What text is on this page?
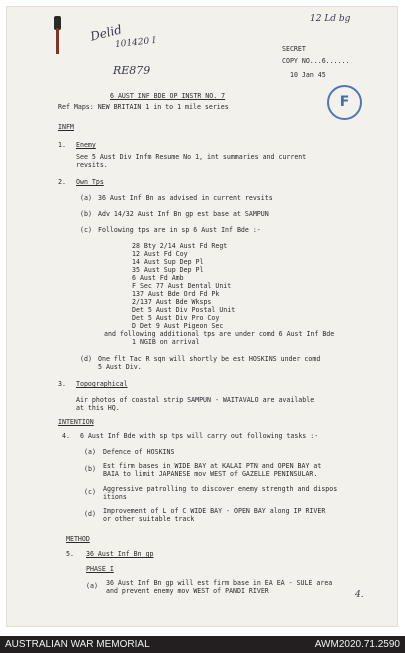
12 Ld bg
Delid
101420 I
RE879
4.
F
SECRET
COPY NO...6......
10 Jan 45
6 AUST INF BDE OP INSTR NO. 7
Ref Maps: NEW BRITAIN 1 in to 1 mile series
INFM
1. Enemy
See 5 Aust Div Infm Resume No 1, int summaries and current
revsits.
2. Own Tps
(a) 36 Aust Inf Bn as advised in current revsits
(b) Adv 14/32 Aust Inf Bn gp est base at SAMPUN
(c) Following tps are in sp 6 Aust Inf Bde :-
28 Bty 2/14 Aust Fd Regt
12 Aust Fd Coy
14 Aust Sup Dep Pl
35 Aust Sup Dep Pl
6 Aust Fd Amb
F Sec 77 Aust Dental Unit
137 Aust Bde Ord Fd Pk
2/137 Aust Bde Wksps
Det 5 Aust Div Postal Unit
Det 5 Aust Div Pro Coy
D Det 9 Aust Pigeon Sec
and following additional tps are under comd 6 Aust Inf Bde
1 NGIB on arrival
(d) One flt Tac R sqn will shortly be est HOSKINS under comd
5 Aust Div.
3. Topographical
Air photos of coastal strip SAMPUN - WAITAVALO are available
at this HQ.
INTENTION
4. 6 Aust Inf Bde with sp tps will carry out following tasks :-
(a) Defence of HOSKINS
(b) Est firm bases in WIDE BAY at KALAI PTN and OPEN BAY at
BAIA to limit JAPANESE mov WEST of GAZELLE PENINSULAR.
(c) Aggressive patrolling to discover enemy strength and dispos
itions
(d) Improvement of L of C WIDE BAY - OPEN BAY along IP RIVER
or other suitable track
METHOD
5. 36 Aust Inf Bn gp
PHASE I
(a) 36 Aust Inf Bn gp will est firm base in EA EA - SULE area
and prevent enemy mov WEST of PANDI RIVER
AUSTRALIAN WAR MEMORIAL	AWM2020.71.2590
